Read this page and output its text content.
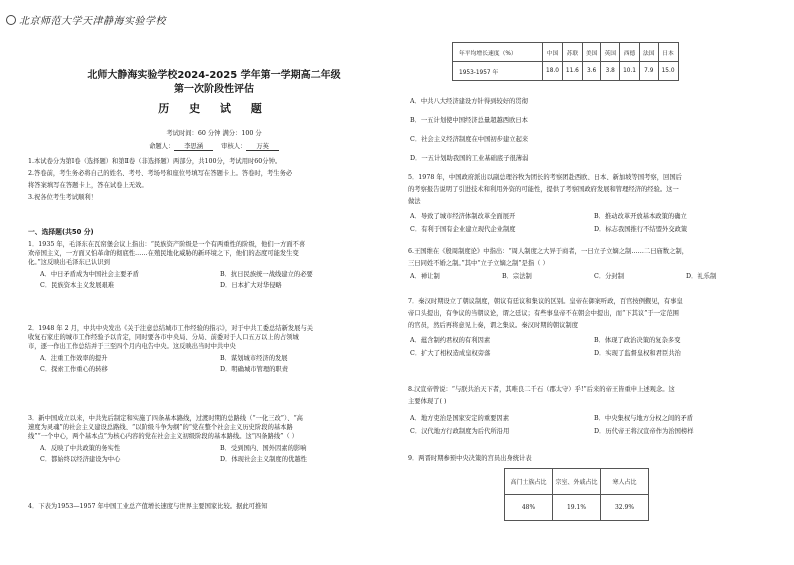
北京师范大学天津静海实验学校
北师大静海实验学校2024-2025 学年第一学期高二年级
第一次阶段性评估
历 史 试 题
考试时间：60 分钟 满分：100 分
命题人： 李思涵	审核人： 万英
1.本试卷分为第Ⅰ卷（选择题）和第Ⅱ卷（非选择题）两部分，共100分，考试用时60分钟。
2.答卷前，考生务必将自己的姓名、考号、考场号和座位号填写在答题卡上。答卷时，考生务必
将答案填写在答题卡上，答在试卷上无效。
3.祝各位考生考试顺利！
一、选择题(共50 分)
1．1935 年，毛泽东在瓦窑堡会议上指出：“民族资产阶级是一个有两重性的阶级，他们一方面不喜
欢帝国主义，一方面又怕革命的彻底性……在殖民地化威胁的新环境之下，他们的态度可能发生变
化。”这反映出毛泽东已认识到
A．中日矛盾成为中国社会主要矛盾	B．抗日民族统一战线建立的必要
C．民族资本主义发展艰难	D．日本扩大对华侵略
2．1948 年 2 月，中共中央发出《关于注意总结城市工作经验的指示》，对于中共工委总结新发展与关
收复石家庄的城市工作经验予以肯定，同时要各市中央局、分局、前委对于人口五万以上的占领城
市，逐一作出工作总结并于三至四个月内电告中央。这反映出当时中共中央
A．注重工作效率的提升	B．谋划城市经济的发展
C．探索工作重心的转移	D．明确城市管理的职责
3．新中国成立以来，中共先后制定和实施了四条基本路线，过渡时期的总路线（“一化三改”）、“高
速度为灵魂”的社会主义建设总路线、“以阶级斗争为纲”的“党在整个社会主义历史阶段的基本路
线”“一个中心，两个基本点”为核心内容的党在社会主义初级阶段的基本路线。这“四条路线”（ ）
A．反映了中共政策的务实性	B．受到国内、国外因素的影响
C．都始终以经济建设为中心	D．体现社会主义制度的优越性
4．下表为1953—1957 年中国工业总产值增长速度与世界主要国家比较。据此可推知
年平均增长速度（%）	中国	苏联	美国	英国	西德	法国	日本
1953-1957 年	18.0	11.6	3.6	3.8	10.1	7.9	15.0
A．中共八大经济建设方针得到较好的贯彻
B．一五计划使中国经济总量超越西欧日本
C．社会主义经济制度在中国初步建立起来
D．一五计划助我国的工业基础底子很薄弱
5．1978 年，中国政府派出以副总理谷牧为团长的考察团赴西欧、日本、新加坡等国考察，回国后
的考察报告说明了引进技术和利用外资的可能性，提供了考察国政府发展和管理经济的经验。这一
做法
A．导致了城市经济体制改革全面展开	B．推动改革开放基本政策的确立
C．有利于国有企业建立现代企业制度	D．标志我国推行不结盟外交政策
6.王国维在《殷周制度论》中指出：“周人制度之大异于商者，一曰立子立嫡之制……二曰庙数之制，
三曰同姓不婚之制。”其中“立子立嫡之制”是指（ ）
A．禅让制	B．宗法制	C．分封制	D．礼乐制
7．秦汉时期设立了朝议制度，朝议有廷议和集议的区别。皇帝在御案听政，百官按例觐见，有事皇
帝口头提出，有争议的当朝议论，谓之廷议；有些事皇帝不在朝会中提出，而“下其议”于一定范围
的官员，然后再将意见上奏，谓之集议。秦汉时期的朝议制度
A．蕴含制约君权的有利因素	B．体现了政治决策的复杂多变
C．扩大了相权造成皇权旁落	D．实现了监督皇权和君臣共治
8.汉宣帝曾说：“与朕共治天下者，其唯良二千石（郡太守）乎!”后来的帝王皆重申上述观念。这
主要体现了( )
A．地方吏治是国家安定的重要因素	B．中央集权与地方分权之间的矛盾
C．汉代地方行政制度为后代所沿用	D．历代帝王将汉宣帝作为治国榜样
9．两晋时期参预中央决策的宫员出身统计表
高门士族占比	宗室、外戚占比	寒人占比
48%	19.1%	32.9%
